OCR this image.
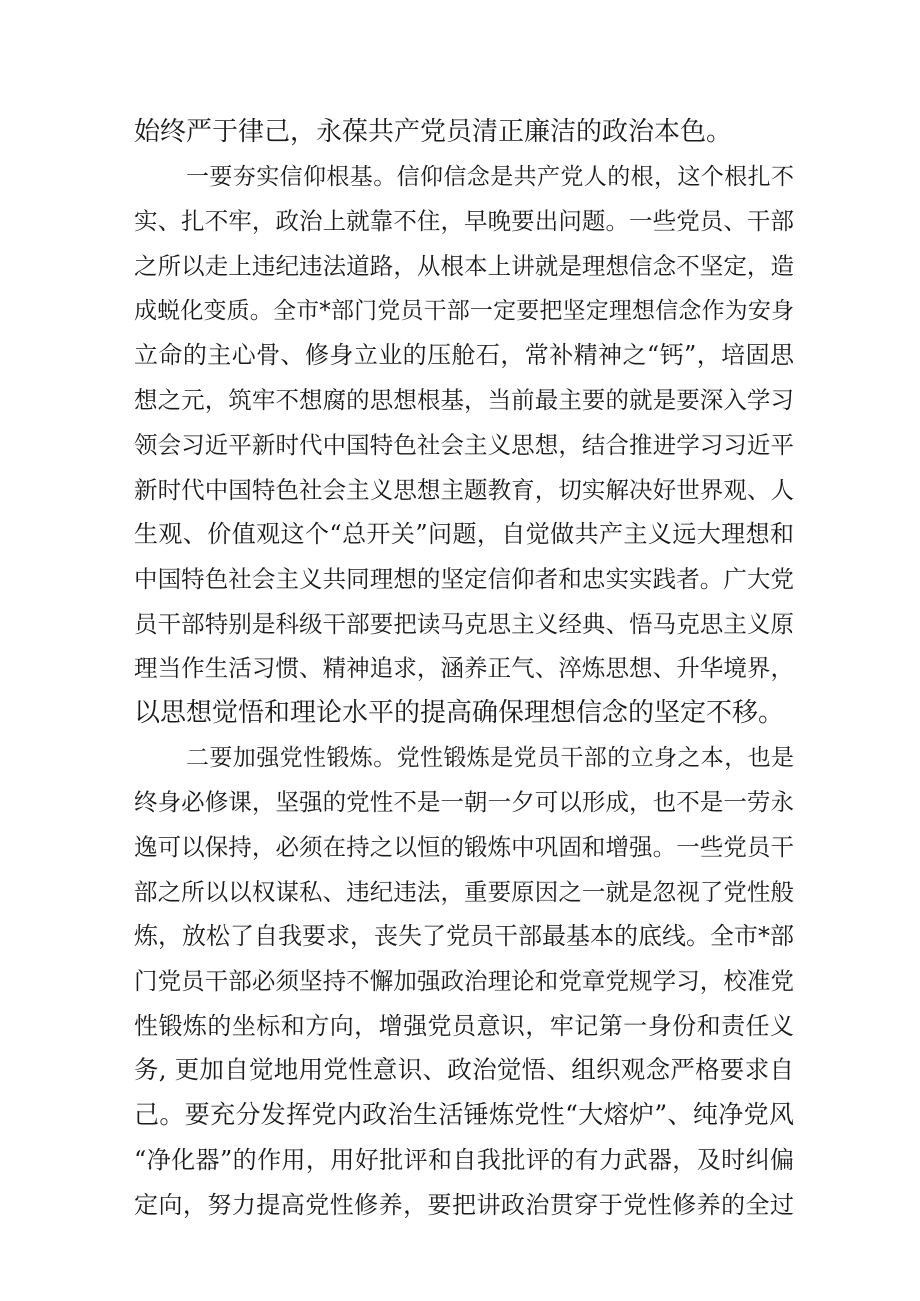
始终严于律己，永葆共产党员清正廉洁的政治本色。
一要夯实信仰根基。信仰信念是共产党人的根，这个根扎不
实、扎不牢，政治上就靠不住，早晚要出问题。一些党员、干部
之所以走上违纪违法道路，从根本上讲就是理想信念不坚定，造
成蜕化变质。全市*部门党员干部一定要把坚定理想信念作为安身
立命的主心骨、修身立业的压舱石，常补精神之“钙”，培固思
想之元，筑牢不想腐的思想根基，当前最主要的就是要深入学习
领会习近平新时代中国特色社会主义思想，结合推进学习习近平
新时代中国特色社会主义思想主题教育，切实解决好世界观、人
生观、价值观这个“总开关”问题，自觉做共产主义远大理想和
中国特色社会主义共同理想的坚定信仰者和忠实实践者。广大党
员干部特别是科级干部要把读马克思主义经典、悟马克思主义原
理当作生活习惯、精神追求，涵养正气、淬炼思想、升华境界，
以思想觉悟和理论水平的提高确保理想信念的坚定不移。
二要加强党性锻炼。党性锻炼是党员干部的立身之本，也是
终身必修课，坚强的党性不是一朝一夕可以形成，也不是一劳永
逸可以保持，必须在持之以恒的锻炼中巩固和增强。一些党员干
部之所以以权谋私、违纪违法，重要原因之一就是忽视了党性般
炼，放松了自我要求，丧失了党员干部最基本的底线。全市*部
门党员干部必须坚持不懈加强政治理论和党章党规学习，校准党
性锻炼的坐标和方向，增强党员意识，牢记第一身份和责任义
务, 更加自觉地用党性意识、政治觉悟、组织观念严格要求自
己。要充分发挥党内政治生活锤炼党性“大熔炉”、纯净党风
“净化器”的作用，用好批评和自我批评的有力武器，及时纠偏
定向，努力提高党性修养，要把讲政治贯穿于党性修养的全过
